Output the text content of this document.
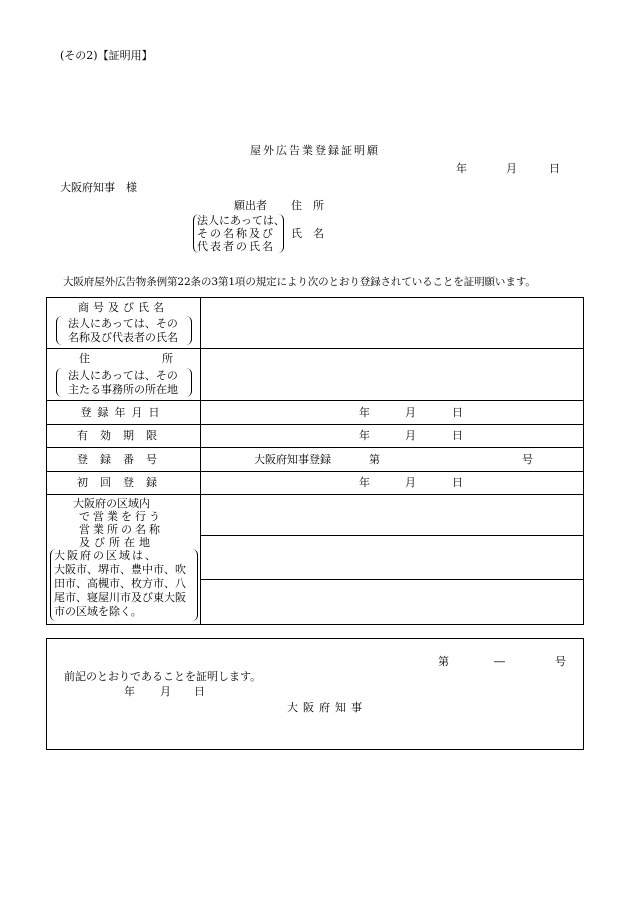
(その2)【証明用】
屋外広告業登録証明願
年	月	日
大阪府知事　様
願出者 住　所
法人にあっては、
その名称及び
代表者の氏名
氏　名
大阪府屋外広告物条例第22条の3第1項の規定により次のとおり登録されていることを証明願います。
商号及び氏名
法人にあっては、その
名称及び代表者の氏名
住	所
法人にあっては、その
主たる事務所の所在地
登録年月日	年	月	日
有効期限	年	月	日
登録番号	大阪府知事登録	第	号
初回登録	年	月	日
大阪府の区域内
で営業を行う
営業所の名称
及び所在地
大阪府の区域は、
大阪市、堺市、豊中市、吹
田市、高槻市、枚方市、八
尾市、寝屋川市及び東大阪
市の区域を除く。
第	―	号
前記のとおりであることを証明します。
年 月 日
大阪府知事
